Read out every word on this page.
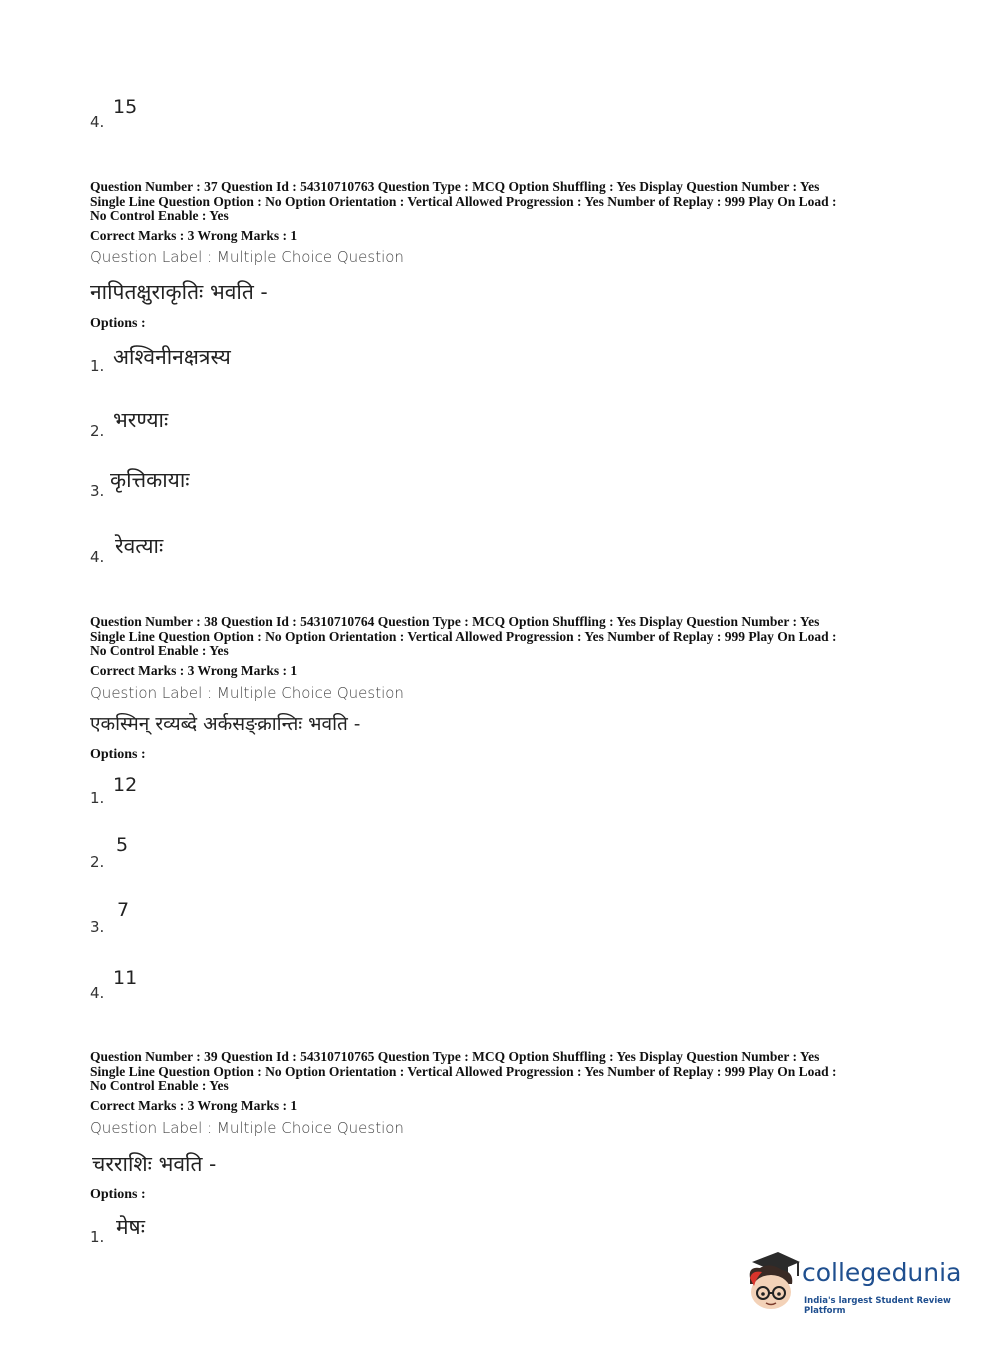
4.
15
Question Number : 37 Question Id : 54310710763 Question Type : MCQ Option Shuffling : Yes Display Question Number : Yes
Single Line Question Option : No Option Orientation : Vertical Allowed Progression : Yes Number of Replay : 999 Play On Load :
No Control Enable : Yes
Correct Marks : 3 Wrong Marks : 1
Question Label : Multiple Choice Question
नापितक्षुराकृतिः भवति -
Options :
1. अश्विनीनक्षत्रस्य
2. भरण्याः
3. कृत्तिकायाः
4. रेवत्याः
Question Number : 38 Question Id : 54310710764 Question Type : MCQ Option Shuffling : Yes Display Question Number : Yes
Single Line Question Option : No Option Orientation : Vertical Allowed Progression : Yes Number of Replay : 999 Play On Load :
No Control Enable : Yes
Correct Marks : 3 Wrong Marks : 1
Question Label : Multiple Choice Question
एकस्मिन् रव्यब्दे अर्कसङ्क्रान्तिः भवति -
Options :
1.
12
2.
5
3.
7
4.
11
Question Number : 39 Question Id : 54310710765 Question Type : MCQ Option Shuffling : Yes Display Question Number : Yes
Single Line Question Option : No Option Orientation : Vertical Allowed Progression : Yes Number of Replay : 999 Play On Load :
No Control Enable : Yes
Correct Marks : 3 Wrong Marks : 1
Question Label : Multiple Choice Question
चरराशिः भवति -
Options :
1. मेषः
collegedunia
India's largest Student Review Platform
